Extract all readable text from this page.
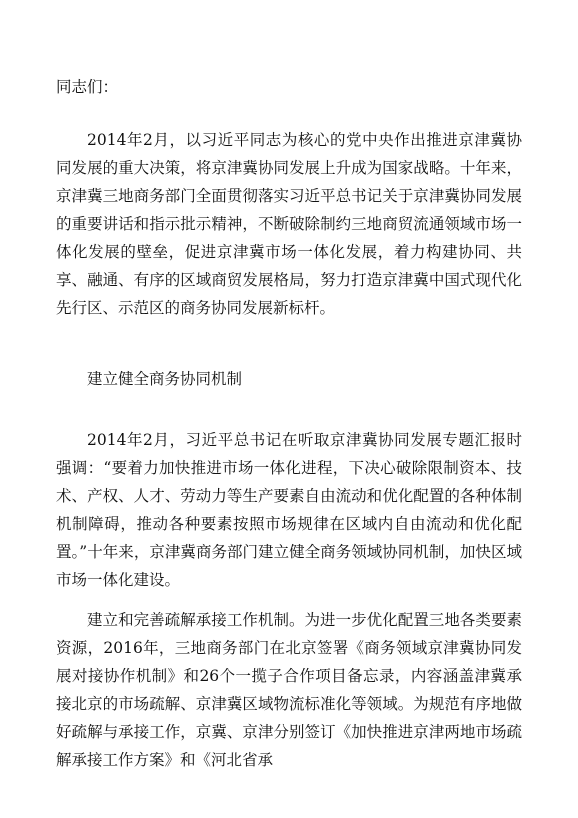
同志们：

2014年2月，以习近平同志为核心的党中央作出推进京津冀协同发展的重大决策，将京津冀协同发展上升成为国家战略。十年来，京津冀三地商务部门全面贯彻落实习近平总书记关于京津冀协同发展的重要讲话和指示批示精神，不断破除制约三地商贸流通领域市场一体化发展的壁垒，促进京津冀市场一体化发展，着力构建协同、共享、融通、有序的区域商贸发展格局，努力打造京津冀中国式现代化先行区、示范区的商务协同发展新标杆。

建立健全商务协同机制

2014年2月，习近平总书记在听取京津冀协同发展专题汇报时强调：“要着力加快推进市场一体化进程，下决心破除限制资本、技术、产权、人才、劳动力等生产要素自由流动和优化配置的各种体制机制障碍，推动各种要素按照市场规律在区域内自由流动和优化配置。”十年来，京津冀商务部门建立健全商务领域协同机制，加快区域市场一体化建设。

建立和完善疏解承接工作机制。为进一步优化配置三地各类要素资源，2016年，三地商务部门在北京签署《商务领域京津冀协同发展对接协作机制》和26个一揽子合作项目备忘录，内容涵盖津冀承接北京的市场疏解、京津冀区域物流标准化等领域。为规范有序地做好疏解与承接工作，京冀、京津分别签订《加快推进京津两地市场疏解承接工作方案》和《河北省承
